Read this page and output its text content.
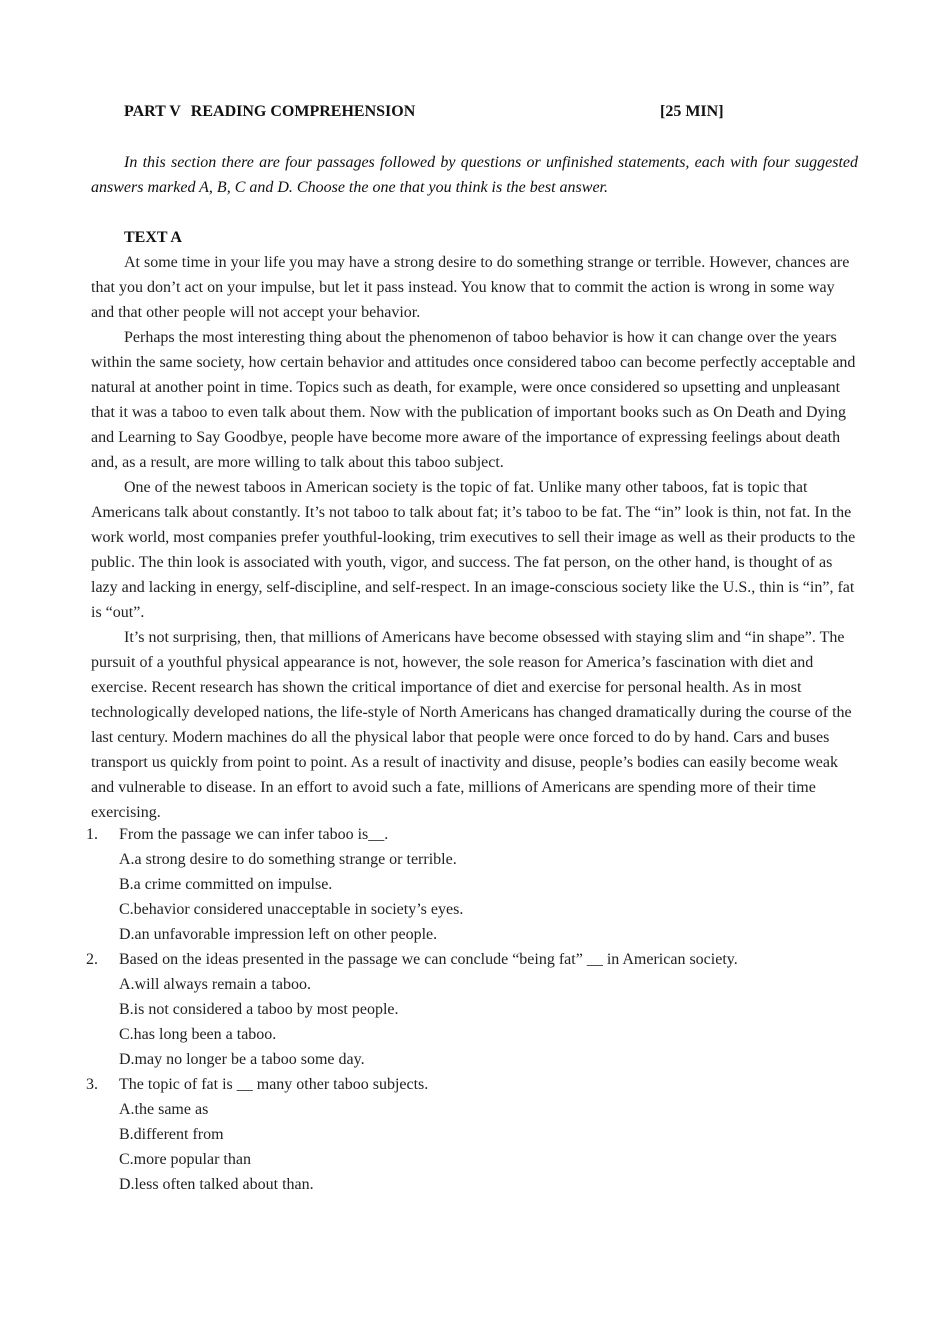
PART V READING COMPREHENSION	[25 MIN]
In this section there are four passages followed by questions or unfinished statements, each with four suggested answers marked A, B, C and D. Choose the one that you think is the best answer.
TEXT A

At some time in your life you may have a strong desire to do something strange or terrible. However, chances are that you don’t act on your impulse, but let it pass instead. You know that to commit the action is wrong in some way and that other people will not accept your behavior.

Perhaps the most interesting thing about the phenomenon of taboo behavior is how it can change over the years within the same society, how certain behavior and attitudes once considered taboo can become perfectly acceptable and natural at another point in time. Topics such as death, for example, were once considered so upsetting and unpleasant that it was a taboo to even talk about them. Now with the publication of important books such as On Death and Dying and Learning to Say Goodbye, people have become more aware of the importance of expressing feelings about death and, as a result, are more willing to talk about this taboo subject.

One of the newest taboos in American society is the topic of fat. Unlike many other taboos, fat is topic that Americans talk about constantly. It’s not taboo to talk about fat; it’s taboo to be fat. The “in” look is thin, not fat. In the work world, most companies prefer youthful-looking, trim executives to sell their image as well as their products to the public. The thin look is associated with youth, vigor, and success. The fat person, on the other hand, is thought of as lazy and lacking in energy, self-discipline, and self-respect. In an image-conscious society like the U.S., thin is “in”, fat is “out”.

It’s not surprising, then, that millions of Americans have become obsessed with staying slim and “in shape”. The pursuit of a youthful physical appearance is not, however, the sole reason for America’s fascination with diet and exercise. Recent research has shown the critical importance of diet and exercise for personal health. As in most technologically developed nations, the life-style of North Americans has changed dramatically during the course of the last century. Modern machines do all the physical labor that people were once forced to do by hand. Cars and buses transport us quickly from point to point. As a result of inactivity and disuse, people’s bodies can easily become weak and vulnerable to disease. In an effort to avoid such a fate, millions of Americans are spending more of their time exercising.

1. From the passage we can infer taboo is__.
A.a strong desire to do something strange or terrible.
B.a crime committed on impulse.
C.behavior considered unacceptable in society’s eyes.
D.an unfavorable impression left on other people.
2. Based on the ideas presented in the passage we can conclude “being fat” __ in American society.
A.will always remain a taboo.
B.is not considered a taboo by most people.
C.has long been a taboo.
D.may no longer be a taboo some day.
3. The topic of fat is __ many other taboo subjects.
A.the same as
B.different from
C.more popular than
D.less often talked about than.
